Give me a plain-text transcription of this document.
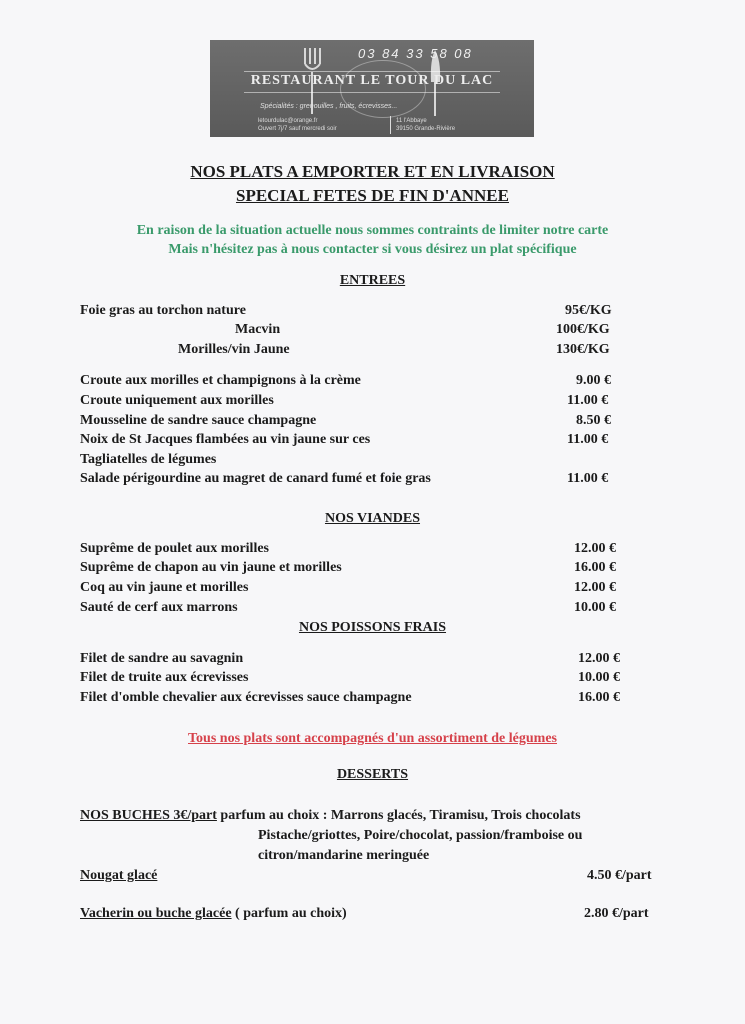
03 84 33 58 08
RESTAURANT LE TOUR DU LAC
Spécialités : grenouilles , fruits, écrevisses...
letourdulac@orange.fr
Ouvert 7j/7 sauf mercredi soir
11 l'Abbaye
39150 Grande-Rivière
NOS PLATS A EMPORTER ET EN LIVRAISON
SPECIAL FETES DE FIN D'ANNEE
En raison de la situation actuelle nous sommes contraints de limiter notre carte
Mais n'hésitez pas à nous contacter si vous désirez un plat spécifique
ENTREES
Foie gras au torchon nature	95€/KG
Macvin	100€/KG
Morilles/vin Jaune	130€/KG
Croute aux morilles et champignons à la crème	9.00 €
Croute uniquement aux morilles	11.00 €
Mousseline de sandre sauce champagne	8.50 €
Noix de St Jacques flambées au vin jaune sur ces	11.00 €
Tagliatelles de légumes
Salade périgourdine au magret de canard fumé et foie gras	11.00 €
NOS VIANDES
Suprême de poulet aux morilles	12.00 €
Suprême de chapon au vin jaune et morilles	16.00 €
Coq au vin jaune et morilles	12.00 €
Sauté de cerf aux marrons	10.00 €
NOS POISSONS FRAIS
Filet de sandre au savagnin	12.00 €
Filet de truite aux écrevisses	10.00 €
Filet d'omble chevalier aux écrevisses sauce champagne	16.00 €
Tous nos plats sont accompagnés d'un assortiment de légumes
DESSERTS
NOS BUCHES 3€/part parfum au choix : Marrons glacés, Tiramisu, Trois chocolats
Pistache/griottes, Poire/chocolat, passion/framboise ou
citron/mandarine meringuée
Nougat glacé	4.50 €/part
Vacherin ou buche glacée ( parfum au choix)	2.80 €/part
